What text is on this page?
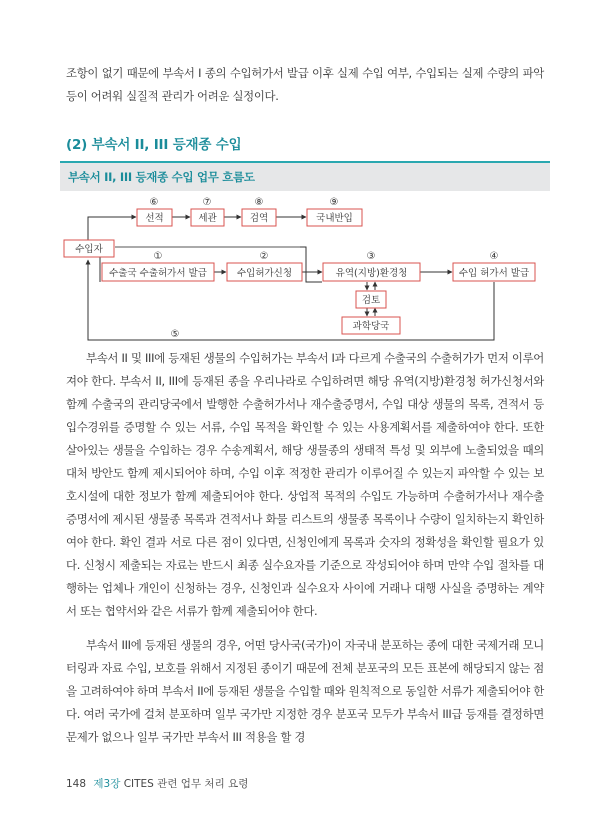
조항이 없기 때문에 부속서 I 종의 수입허가서 발급 이후 실제 수입 여부, 수입되는 실제 수량의 파악 등이 어려워 실질적 관리가 어려운 실정이다.

(2) 부속서 II, III 등재종 수입
부속서 II, III 등재종 수입 업무 흐름도
수입자
선적	세관	검역	국내반입
수출국 수출허가서 발급	수입허가신청	유역(지방)환경청	수입 허가서 발급
검토
과학당국
⑥	⑦	⑧	⑨
①	②	③	④
⑤

부속서 II 및 III에 등재된 생물의 수입허가는 부속서 I과 다르게 수출국의 수출허가가 먼저 이루어져야 한다. 부속서 II, III에 등재된 종을 우리나라로 수입하려면 해당 유역(지방)환경청 허가신청서와 함께 수출국의 관리당국에서 발행한 수출허가서나 재수출증명서, 수입 대상 생물의 목록, 견적서 등 입수경위를 증명할 수 있는 서류, 수입 목적을 확인할 수 있는 사용계획서를 제출하여야 한다. 또한 살아있는 생물을 수입하는 경우 수송계획서, 해당 생물종의 생태적 특성 및 외부에 노출되었을 때의 대처 방안도 함께 제시되어야 하며, 수입 이후 적정한 관리가 이루어질 수 있는지 파악할 수 있는 보호시설에 대한 정보가 함께 제출되어야 한다. 상업적 목적의 수입도 가능하며 수출허가서나 재수출증명서에 제시된 생물종 목록과 견적서나 화물 리스트의 생물종 목록이나 수량이 일치하는지 확인하여야 한다. 확인 결과 서로 다른 점이 있다면, 신청인에게 목록과 숫자의 정확성을 확인할 필요가 있다. 신청시 제출되는 자료는 반드시 최종 실수요자를 기준으로 작성되어야 하며 만약 수입 절차를 대행하는 업체나 개인이 신청하는 경우, 신청인과 실수요자 사이에 거래나 대행 사실을 증명하는 계약서 또는 협약서와 같은 서류가 함께 제출되어야 한다.

부속서 III에 등재된 생물의 경우, 어떤 당사국(국가)이 자국내 분포하는 종에 대한 국제거래 모니터링과 자료 수입, 보호를 위해서 지정된 종이기 때문에 전체 분포국의 모든 표본에 해당되지 않는 점을 고려하여야 하며 부속서 II에 등재된 생물을 수입할 때와 원칙적으로 동일한 서류가 제출되어야 한다. 여러 국가에 걸쳐 분포하며 일부 국가만 지정한 경우 분포국 모두가 부속서 III급 등재를 결정하면 문제가 없으나 일부 국가만 부속서 III 적용을 할 경

148 제3장 CITES 관련 업무 처리 요령
